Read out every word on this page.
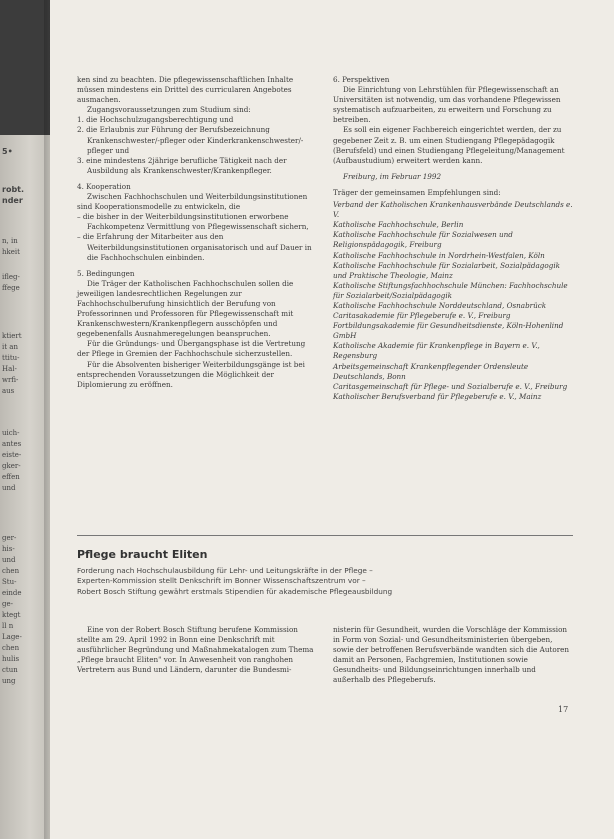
5•
robt.
nder
n, in
hkeit
ifleg-
ffege
ktiert
it an
ttitu-
Hal-
wrfi-
aus
uich-
antes
eiste-
gker-
effen
und
ger-
his-
und
chen
Stu-
einde
ge-
ktegt
ll n
Lage-
chen
hulis
ctun
ung

ken sind zu beachten. Die pflegewissenschaftlichen Inhalte müssen mindestens ein Drittel des curricularen Angebotes ausmachen.

Zugangsvoraussetzungen zum Studium sind:

1. die Hochschulzugangsberechtigung und

2. die Erlaubnis zur Führung der Berufsbezeichnung Krankenschwester/-pfleger oder Kinderkrankenschwester/-pfleger und

3. eine mindestens 2jährige berufliche Tätigkeit nach der Ausbildung als Krankenschwester/Krankenpfleger.

4. Kooperation

Zwischen Fachhochschulen und Weiterbildungsinstitutionen sind Kooperationsmodelle zu entwickeln, die

– die bisher in der Weiterbildungsinstitutionen erworbene Fachkompetenz Vermittlung von Pflegewissenschaft sichern,

– die Erfahrung der Mitarbeiter aus den Weiterbildungsinstitutionen organisatorisch und auf Dauer in die Fachhochschulen einbinden.

5. Bedingungen

Die Träger der Katholischen Fachhochschulen sollen die jeweiligen landesrechtlichen Regelungen zur Fachhochschulberufung hinsichtlich der Berufung von Professorinnen und Professoren für Pflegewissenschaft mit Krankenschwestern/Krankenpflegern ausschöpfen und gegebenenfalls Ausnahmeregelungen beanspruchen.

Für die Gründungs- und Übergangsphase ist die Vertretung der Pflege in Gremien der Fachhochschule sicherzustellen.

Für die Absolventen bisheriger Weiterbildungsgänge ist bei entsprechenden Voraussetzungen die Möglichkeit der Diplomierung zu eröffnen.

6. Perspektiven

Die Einrichtung von Lehrstühlen für Pflegewissenschaft an Universitäten ist notwendig, um das vorhandene Pflegewissen systematisch aufzuarbeiten, zu erweitern und Forschung zu betreiben.

Es soll ein eigener Fachbereich eingerichtet werden, der zu gegebener Zeit z. B. um einen Studiengang Pflegepädagogik (Berufsfeld) und einen Studiengang Pflegeleitung/Management (Aufbaustudium) erweitert werden kann.

Freiburg, im Februar 1992

Träger der gemeinsamen Empfehlungen sind:

Verband der Katholischen Krankenhausverbände Deutschlands e. V.

Katholische Fachhochschule, Berlin

Katholische Fachhochschule für Sozialwesen und Religionspädagogik, Freiburg

Katholische Fachhochschule in Nordrhein-Westfalen, Köln

Katholische Fachhochschule für Sozialarbeit, Sozialpädagogik und Praktische Theologie, Mainz

Katholische Stiftungsfachhochschule München: Fachhochschule für Sozialarbeit/Sozialpädagogik

Katholische Fachhochschule Norddeutschland, Osnabrück

Caritasakademie für Pflegeberufe e. V., Freiburg

Fortbildungsakademie für Gesundheitsdienste, Köln-Hohenlind GmbH

Katholische Akademie für Krankenpflege in Bayern e. V., Regensburg

Arbeitsgemeinschaft Krankenpflegender Ordensleute Deutschlands, Bonn

Caritasgemeinschaft für Pflege- und Sozialberufe e. V., Freiburg

Katholischer Berufsverband für Pflegeberufe e. V., Mainz

Pflege braucht Eliten

Forderung nach Hochschulausbildung für Lehr- und Leitungskräfte in der Pflege –

Experten-Kommission stellt Denkschrift im Bonner Wissenschaftszentrum vor –

Robert Bosch Stiftung gewährt erstmals Stipendien für akademische Pflegeausbildung

Eine von der Robert Bosch Stiftung berufene Kommission stellte am 29. April 1992 in Bonn eine Denkschrift mit ausführlicher Begründung und Maßnahmekatalogen zum Thema „Pflege braucht Eliten" vor. In Anwesenheit von ranghohen Vertretern aus Bund und Ländern, darunter die Bundesmi-

nisterin für Gesundheit, wurden die Vorschläge der Kommission in Form von Sozial- und Gesundheitsministerien übergeben, sowie der betroffenen Berufsverbände wandten sich die Autoren damit an Personen, Fachgremien, Institutionen sowie Gesundheits- und Bildungseinrichtungen innerhalb und außerhalb des Pflegeberufs.

17
